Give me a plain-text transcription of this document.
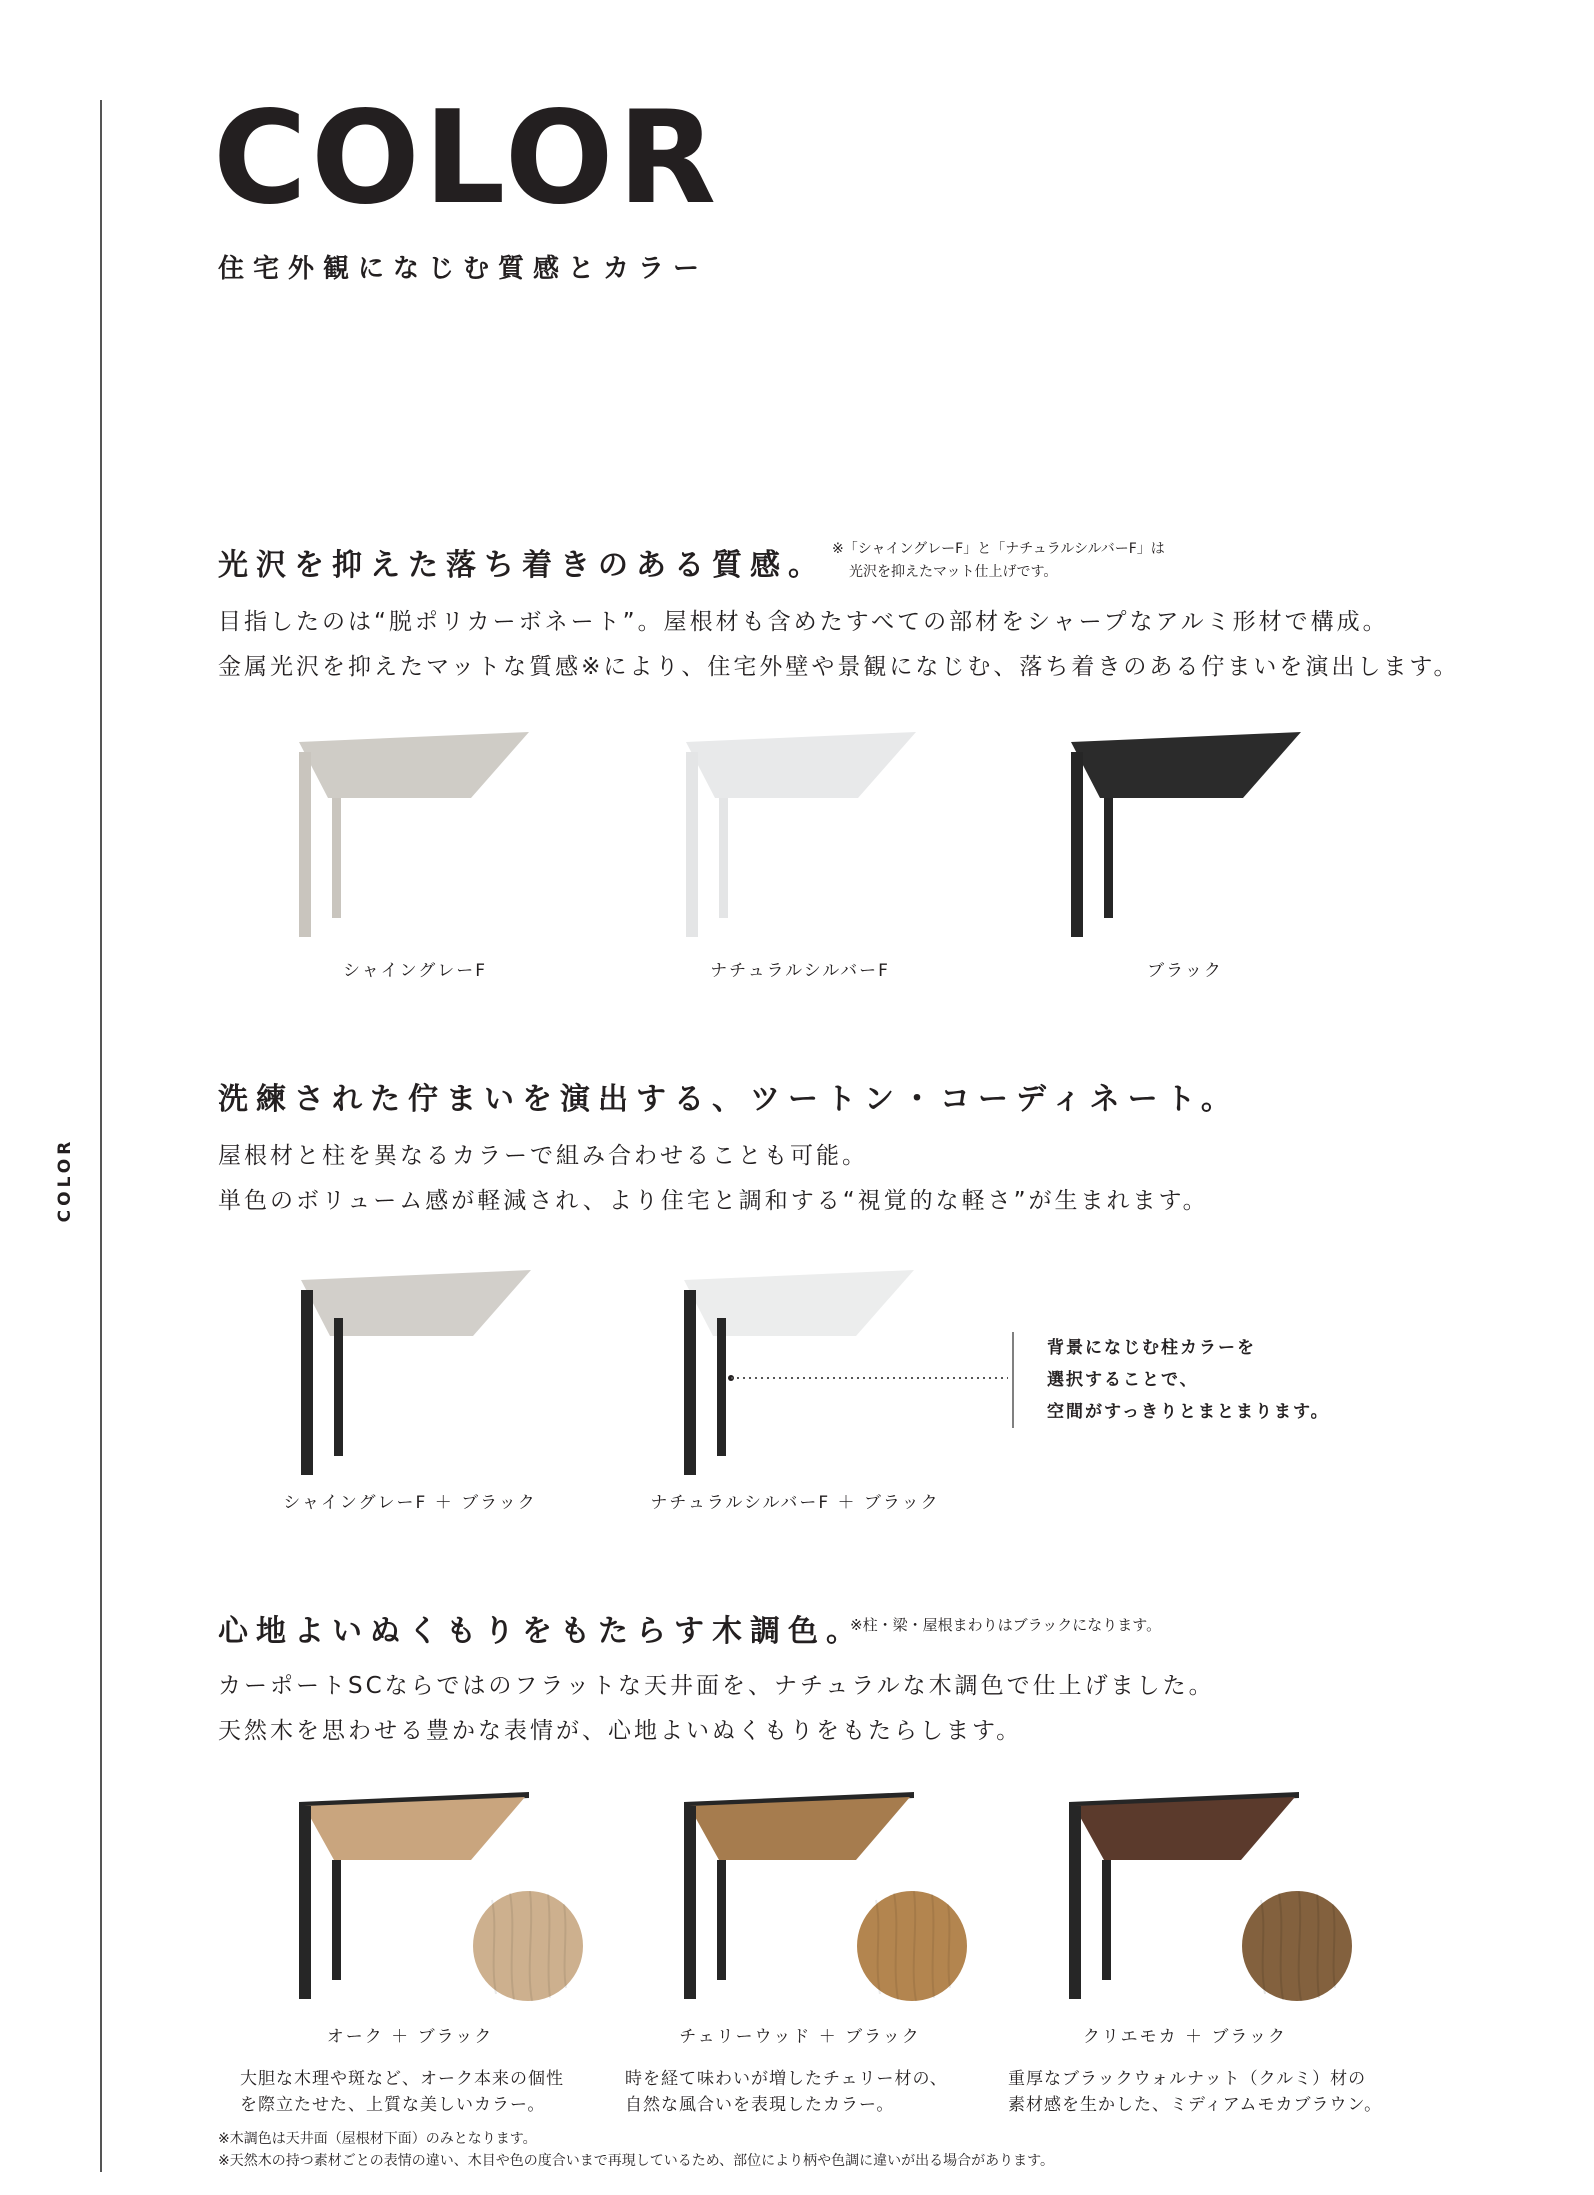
COLOR
COLOR
住宅外観になじむ質感とカラー
光沢を抑えた落ち着きのある質感。 ※「シャイングレーF」と「ナチュラルシルバーF」は
光沢を抑えたマット仕上げです。
目指したのは“脱ポリカーボネート”。屋根材も含めたすべての部材をシャープなアルミ形材で構成。
金属光沢を抑えたマットな質感※により、住宅外壁や景観になじむ、落ち着きのある佇まいを演出します。
シャイングレーF	ナチュラルシルバーF	ブラック
洗練された佇まいを演出する、ツートン・コーディネート。
屋根材と柱を異なるカラーで組み合わせることも可能。
単色のボリューム感が軽減され、より住宅と調和する“視覚的な軽さ”が生まれます。
背景になじむ柱カラーを
選択することで、
空間がすっきりとまとまります。
シャイングレーF ＋ ブラック	ナチュラルシルバーF ＋ ブラック
心地よいぬくもりをもたらす木調色。
※柱・梁・屋根まわりはブラックになります。
カーポートSCならではのフラットな天井面を、ナチュラルな木調色で仕上げました。
天然木を思わせる豊かな表情が、心地よいぬくもりをもたらします。
オーク ＋ ブラック	チェリーウッド ＋ ブラック	クリエモカ ＋ ブラック
大胆な木理や斑など、オーク本来の個性
を際立たせた、上質な美しいカラー。
時を経て味わいが増したチェリー材の、
自然な風合いを表現したカラー。
重厚なブラックウォルナット（クルミ）材の
素材感を生かした、ミディアムモカブラウン。
※木調色は天井面（屋根材下面）のみとなります。
※天然木の持つ素材ごとの表情の違い、木目や色の度合いまで再現しているため、部位により柄や色調に違いが出る場合があります。
